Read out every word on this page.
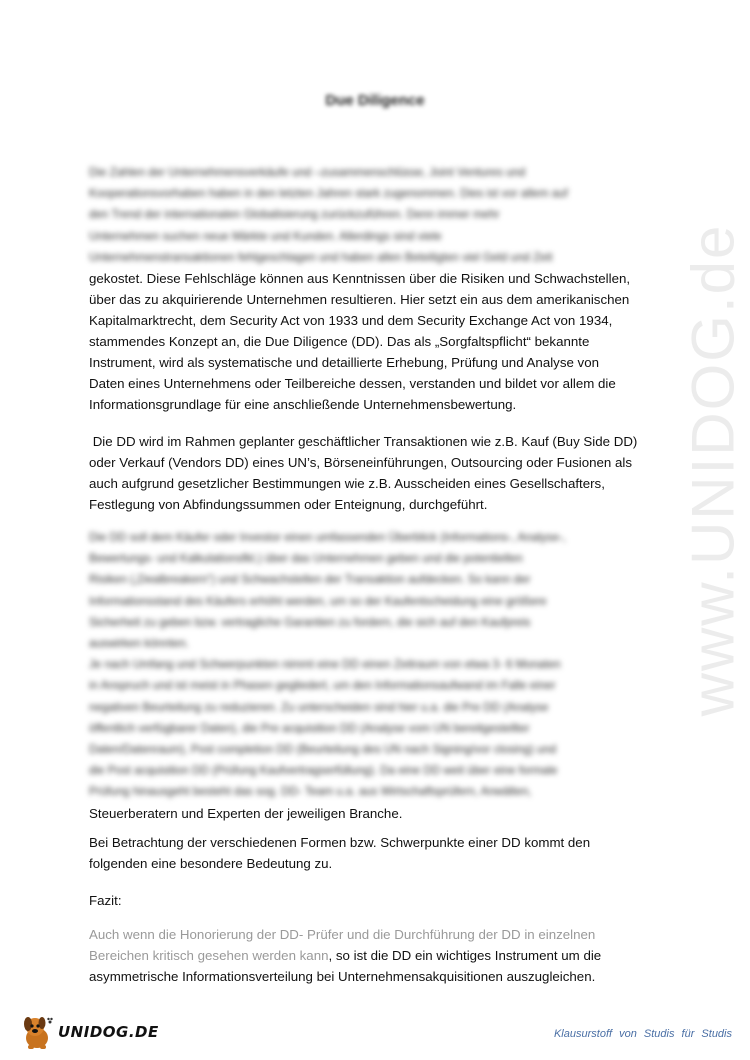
www.UNIDOG.de
Due Diligence
Die Zahlen der Unternehmensverkäufe und –zusammenschlüsse, Joint Ventures und
Kooperationsvorhaben haben in den letzten Jahren stark zugenommen. Dies ist vor allem auf
den Trend der internationalen Globalisierung zurückzuführen. Denn immer mehr
Unternehmen suchen neue Märkte und Kunden. Allerdings sind viele
Unternehmenstransaktionen fehlgeschlagen und haben allen Beteiligten viel Geld und Zeit
gekostet. Diese Fehlschläge können aus Kenntnissen über die Risiken und Schwachstellen,
über das zu akquirierende Unternehmen resultieren. Hier setzt ein aus dem amerikanischen
Kapitalmarktrecht, dem Security Act von 1933 und dem Security Exchange Act von 1934,
stammendes Konzept an, die Due Diligence (DD). Das als „Sorgfaltspflicht“ bekannte
Instrument, wird als systematische und detaillierte Erhebung, Prüfung und Analyse von
Daten eines Unternehmens oder Teilbereiche dessen, verstanden und bildet vor allem die
Informationsgrundlage für eine anschließende Unternehmensbewertung.
Die DD wird im Rahmen geplanter geschäftlicher Transaktionen wie z.B. Kauf (Buy Side DD)
oder Verkauf (Vendors DD) eines UN’s, Börseneinführungen, Outsourcing oder Fusionen als
auch aufgrund gesetzlicher Bestimmungen wie z.B. Ausscheiden eines Gesellschafters,
Festlegung von Abfindungssummen oder Enteignung, durchgeführt.
Die DD soll dem Käufer oder Investor einen umfassenden Überblick (Informations-, Analyse-,
Bewertungs- und Kalkulationsfkt.) über das Unternehmen geben und die potentiellen
Risiken („Dealbreakern“) und Schwachstellen der Transaktion aufdecken. So kann der
Informationsstand des Käufers erhöht werden, um so der Kaufentscheidung eine größere
Sicherheit zu geben bzw. vertragliche Garantien zu fordern, die sich auf den Kaufpreis
auswirken könnten.
Je nach Umfang und Schwerpunkten nimmt eine DD einen Zeitraum von etwa 3- 6 Monaten
in Anspruch und ist meist in Phasen gegliedert, um den Informationsaufwand im Falle einer
negativen Beurteilung zu reduzieren. Zu unterscheiden sind hier u.a. die Pre DD (Analyse
öffentlich verfügbarer Daten), die Pre acquisition DD (Analyse vom UN bereitgestellter
Daten/Datenraum), Post completion DD (Beurteilung des UN nach Signing/vor closing) und
die Post acquisition DD (Prüfung Kaufvertragserfüllung). Da eine DD weit über eine formale
Prüfung hinausgeht besteht das sog. DD- Team u.a. aus Wirtschaftsprüfern, Anwälten,
Steuerberatern und Experten der jeweiligen Branche.
Bei Betrachtung der verschiedenen Formen bzw. Schwerpunkte einer DD kommt den
folgenden eine besondere Bedeutung zu.
Fazit:
Auch wenn die Honorierung der DD- Prüfer und die Durchführung der DD in einzelnen
Bereichen kritisch gesehen werden kann, so ist die DD ein wichtiges Instrument um die
asymmetrische Informationsverteilung bei Unternehmensakquisitionen auszugleichen.
UNIDOG.DE	Klausurstoff von Studis für Studis
